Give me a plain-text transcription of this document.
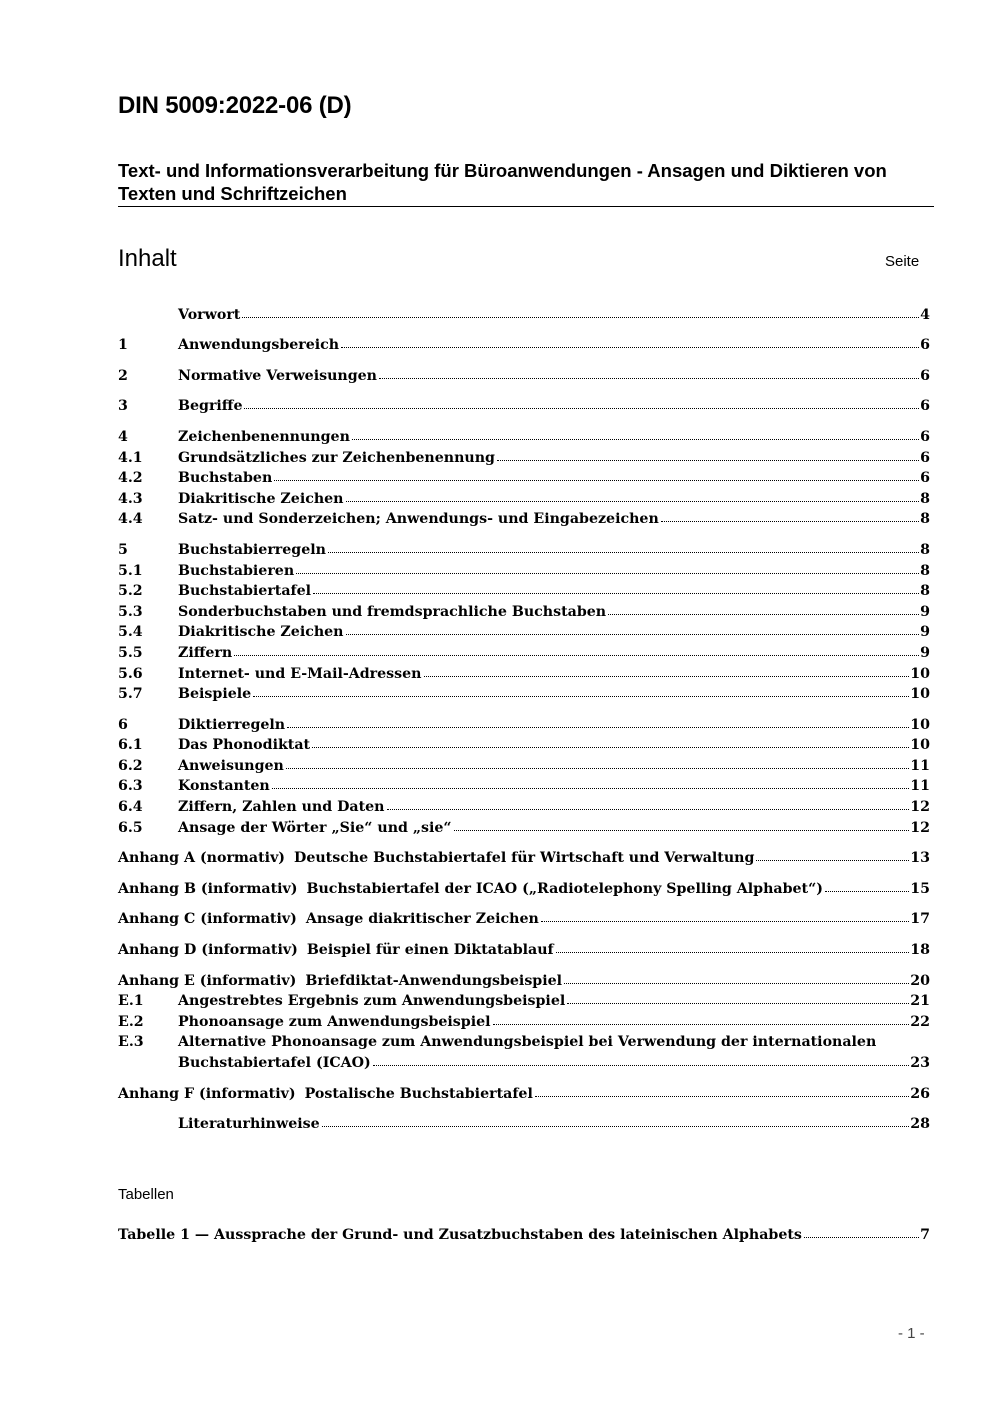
DIN 5009:2022-06 (D)
Text- und Informationsverarbeitung für Büroanwendungen - Ansagen und Diktieren von Texten und Schriftzeichen
Inhalt	Seite
Vorwort	4
1	Anwendungsbereich	6
2	Normative Verweisungen	6
3	Begriffe	6
4	Zeichenbenennungen	6
4.1	Grundsätzliches zur Zeichenbenennung	6
4.2	Buchstaben	6
4.3	Diakritische Zeichen	8
4.4	Satz- und Sonderzeichen; Anwendungs- und Eingabezeichen	8
5	Buchstabierregeln	8
5.1	Buchstabieren	8
5.2	Buchstabiertafel	8
5.3	Sonderbuchstaben und fremdsprachliche Buchstaben	9
5.4	Diakritische Zeichen	9
5.5	Ziffern	9
5.6	Internet- und E-Mail-Adressen	10
5.7	Beispiele	10
6	Diktierregeln	10
6.1	Das Phonodiktat	10
6.2	Anweisungen	11
6.3	Konstanten	11
6.4	Ziffern, Zahlen und Daten	12
6.5	Ansage der Wörter „Sie“ und „sie“	12
Anhang A (normativ) Deutsche Buchstabiertafel für Wirtschaft und Verwaltung	13
Anhang B (informativ) Buchstabiertafel der ICAO („Radiotelephony Spelling Alphabet“)	15
Anhang C (informativ) Ansage diakritischer Zeichen	17
Anhang D (informativ) Beispiel für einen Diktatablauf	18
Anhang E (informativ) Briefdiktat-Anwendungsbeispiel	20
E.1	Angestrebtes Ergebnis zum Anwendungsbeispiel	21
E.2	Phonoansage zum Anwendungsbeispiel	22
E.3	Alternative Phonoansage zum Anwendungsbeispiel bei Verwendung der internationalen
Buchstabiertafel (ICAO)	23
Anhang F (informativ) Postalische Buchstabiertafel	26
Literaturhinweise	28
Tabellen
Tabelle 1 — Aussprache der Grund- und Zusatzbuchstaben des lateinischen Alphabets	7
- 1 -
